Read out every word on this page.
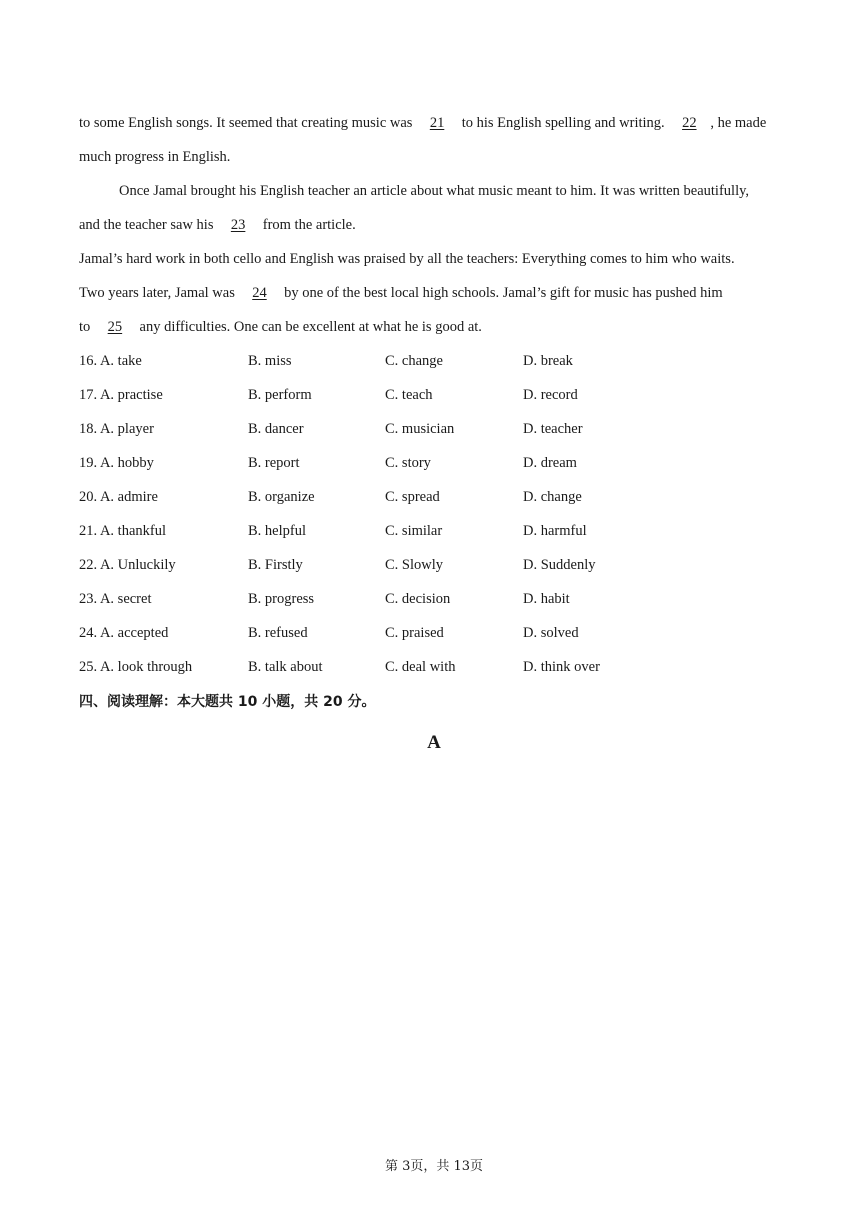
to some English songs. It seemed that creating music was 21 to his English spelling and writing. 22 , he made
much progress in English.
Once Jamal brought his English teacher an article about what music meant to him. It was written beautifully,
and the teacher saw his 23 from the article.
Jamal’s hard work in both cello and English was praised by all the teachers: Everything comes to him who waits.
Two years later, Jamal was 24 by one of the best local high schools. Jamal’s gift for music has pushed him
to 25 any difficulties. One can be excellent at what he is good at.
16. A. take	B. miss	C. change	D. break
17. A. practise	B. perform	C. teach	D. record
18. A. player	B. dancer	C. musician	D. teacher
19. A. hobby	B. report	C. story	D. dream
20. A. admire	B. organize	C. spread	D. change
21. A. thankful	B. helpful	C. similar	D. harmful
22. A. Unluckily	B. Firstly	C. Slowly	D. Suddenly
23. A. secret	B. progress	C. decision	D. habit
24. A. accepted	B. refused	C. praised	D. solved
25. A. look through	B. talk about	C. deal with	D. think over
四、阅读理解：本大题共 10 小题，共 20 分。
A
第 3页，共 13页
